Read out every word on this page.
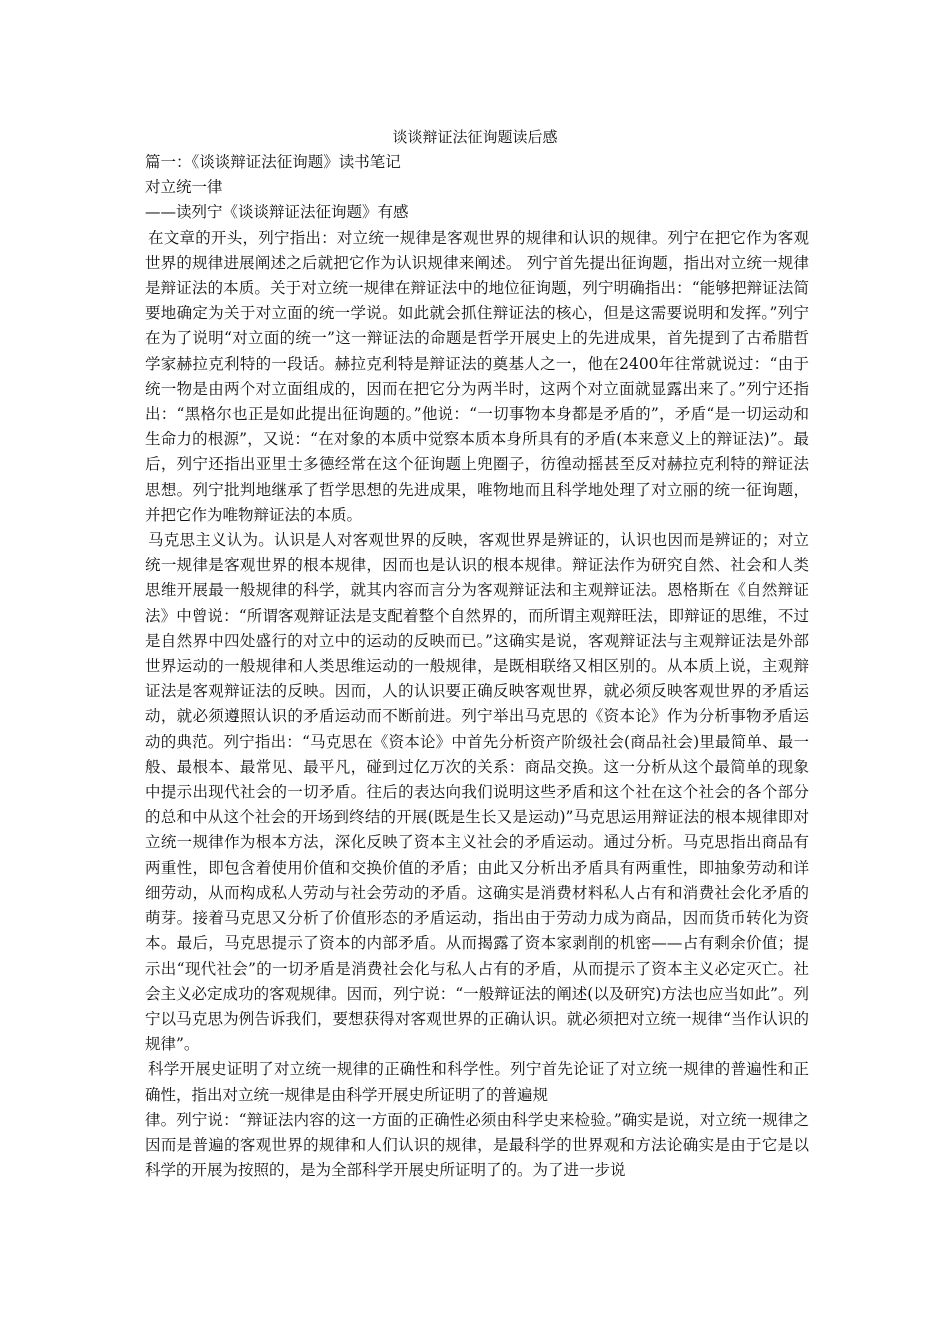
谈谈辩证法征询题读后感

篇一：《谈谈辩证法征询题》读书笔记

对立统一律

——读列宁《谈谈辩证法征询题》有感

在文章的开头，列宁指出：对立统一规律是客观世界的规律和认识的规律。列宁在把它作为客观世界的规律进展阐述之后就把它作为认识规律来阐述。 列宁首先提出征询题，指出对立统一规律是辩证法的本质。关于对立统一规律在辩证法中的地位征询题，列宁明确指出：“能够把辩证法简要地确定为关于对立面的统一学说。如此就会抓住辩证法的核心，但是这需要说明和发挥。”列宁在为了说明“对立面的统一”这一辩证法的命题是哲学开展史上的先进成果，首先提到了古希腊哲学家赫拉克利特的一段话。赫拉克利特是辩证法的奠基人之一，他在2400年往常就说过：“由于统一物是由两个对立面组成的，因而在把它分为两半时，这两个对立面就显露出来了。”列宁还指出：“黑格尔也正是如此提出征询题的。”他说：“一切事物本身都是矛盾的”，矛盾“是一切运动和生命力的根源”，又说：“在对象的本质中觉察本质本身所具有的矛盾(本来意义上的辩证法)”。最后，列宁还指出亚里士多德经常在这个征询题上兜圈子，彷徨动摇甚至反对赫拉克利特的辩证法思想。列宁批判地继承了哲学思想的先进成果，唯物地而且科学地处理了对立丽的统一征询题，并把它作为唯物辩证法的本质。

马克思主义认为。认识是人对客观世界的反映，客观世界是辨证的，认识也因而是辨证的；对立统一规律是客观世界的根本规律，因而也是认识的根本规律。辩证法作为研究自然、社会和人类思维开展最一般规律的科学，就其内容而言分为客观辩证法和主观辩证法。恩格斯在《自然辩证法》中曾说：“所谓客观辩证法是支配着整个自然界的，而所谓主观辩旺法，即辩证的思维，不过是自然界中四处盛行的对立中的运动的反映而已。”这确实是说，客观辩证法与主观辩证法是外部世界运动的一般规律和人类思维运动的一般规律，是既相联络又相区别的。从本质上说，主观辩证法是客观辩证法的反映。因而，人的认识要正确反映客观世界，就必须反映客观世界的矛盾运动，就必须遵照认识的矛盾运动而不断前进。列宁举出马克思的《资本论》作为分析事物矛盾运动的典范。列宁指出：“马克思在《资本论》中首先分析资产阶级社会(商品社会)里最简单、最一般、最根本、最常见、最平凡，碰到过亿万次的关系：商品交换。这一分析从这个最简单的现象中提示出现代社会的一切矛盾。往后的表达向我们说明这些矛盾和这个社在这个社会的各个部分的总和中从这个社会的开场到终结的开展(既是生长又是运动)”马克思运用辩证法的根本规律即对立统一规律作为根本方法，深化反映了资本主义社会的矛盾运动。通过分析。马克思指出商品有两重性，即包含着使用价值和交换价值的矛盾；由此又分析出矛盾具有两重性，即抽象劳动和详细劳动，从而构成私人劳动与社会劳动的矛盾。这确实是消费材料私人占有和消费社会化矛盾的萌芽。接着马克思又分析了价值形态的矛盾运动，指出由于劳动力成为商品，因而货币转化为资本。最后，马克思提示了资本的内部矛盾。从而揭露了资本家剥削的机密——占有剩余价值；提示出“现代社会”的一切矛盾是消费社会化与私人占有的矛盾，从而提示了资本主义必定灭亡。社会主义必定成功的客观规律。因而，列宁说：“一般辩证法的阐述(以及研究)方法也应当如此”。列宁以马克思为例告诉我们，要想获得对客观世界的正确认识。就必须把对立统一规律“当作认识的规律”。

科学开展史证明了对立统一规律的正确性和科学性。列宁首先论证了对立统一规律的普遍性和正确性，指出对立统一规律是由科学开展史所证明了的普遍规

律。列宁说：“辩证法内容的这一方面的正确性必须由科学史来检验。”确实是说，对立统一规律之因而是普遍的客观世界的规律和人们认识的规律，是最科学的世界观和方法论确实是由于它是以科学的开展为按照的，是为全部科学开展史所证明了的。为了进一步说
